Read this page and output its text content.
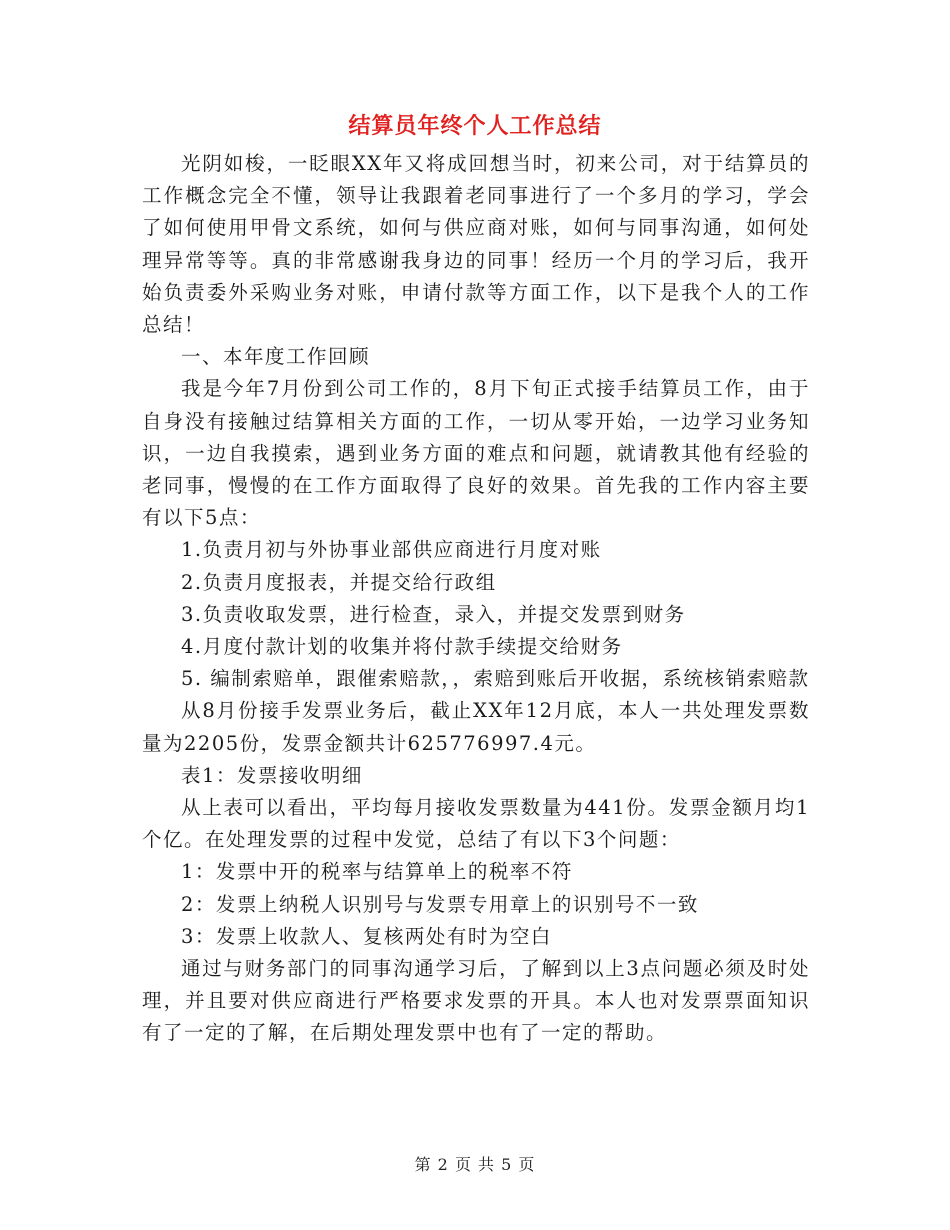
结算员年终个人工作总结

光阴如梭，一眨眼XX年又将成回想当时，初来公司，对于结算员的工作概念完全不懂，领导让我跟着老同事进行了一个多月的学习，学会了如何使用甲骨文系统，如何与供应商对账，如何与同事沟通，如何处理异常等等。真的非常感谢我身边的同事！经历一个月的学习后，我开始负责委外采购业务对账，申请付款等方面工作，以下是我个人的工作总结！

一、本年度工作回顾

我是今年7月份到公司工作的，8月下旬正式接手结算员工作，由于自身没有接触过结算相关方面的工作，一切从零开始，一边学习业务知识，一边自我摸索，遇到业务方面的难点和问题，就请教其他有经验的老同事，慢慢的在工作方面取得了良好的效果。首先我的工作内容主要有以下5点：

1.负责月初与外协事业部供应商进行月度对账

2.负责月度报表，并提交给行政组

3.负责收取发票，进行检查，录入，并提交发票到财务

4.月度付款计划的收集并将付款手续提交给财务

5. 编制索赔单，跟催索赔款，，索赔到账后开收据，系统核销索赔款

从8月份接手发票业务后，截止XX年12月底，本人一共处理发票数量为2205份，发票金额共计625776997.4元。

表1：发票接收明细

从上表可以看出，平均每月接收发票数量为441份。发票金额月均1个亿。在处理发票的过程中发觉，总结了有以下3个问题：

1：发票中开的税率与结算单上的税率不符

2：发票上纳税人识别号与发票专用章上的识别号不一致

3：发票上收款人、复核两处有时为空白

通过与财务部门的同事沟通学习后，了解到以上3点问题必须及时处理，并且要对供应商进行严格要求发票的开具。本人也对发票票面知识有了一定的了解，在后期处理发票中也有了一定的帮助。

第 2 页 共 5 页
